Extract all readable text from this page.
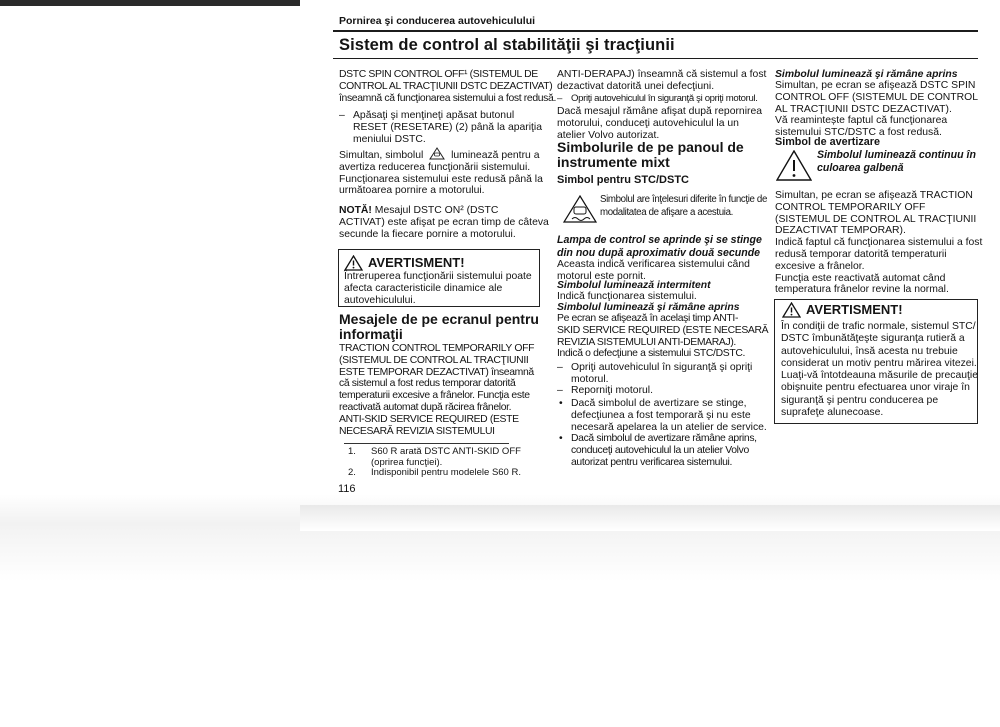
Pornirea şi conducerea autovehiculului
Sistem de control al stabilităţii şi tracţiunii
DSTC SPIN CONTROL OFF¹ (SISTEMUL DE
CONTROL AL TRACŢIUNII DSTC DEZACTIVAT)
înseamnă că funcţionarea sistemului a fost redusă.
– Apăsaţi şi menţineţi apăsat butonul
RESET (RESETARE) (2) până la apariţia
meniului DSTC.
Simultan, simbolul	luminează pentru a
avertiza reducerea funcţionării sistemului.
Funcţionarea sistemului este redusă până la
următoarea pornire a motorului.
NOTĂ! Mesajul DSTC ON² (DSTC
ACTIVAT) este afişat pe ecran timp de câteva
secunde la fiecare pornire a motorului.
AVERTISMENT!
Întreruperea funcţionării sistemului poate
afecta caracteristicile dinamice ale
autovehiculului.
Mesajele de pe ecranul pentru
informaţii
TRACTION CONTROL TEMPORARILY OFF
(SISTEMUL DE CONTROL AL TRACŢIUNII
ESTE TEMPORAR DEZACTIVAT) înseamnă
că sistemul a fost redus temporar datorită
temperaturii excesive a frânelor. Funcţia este
reactivată automat după răcirea frânelor.
ANTI-SKID SERVICE REQUIRED (ESTE
NECESARĂ REVIZIA SISTEMULUI
1. S60 R arată DSTC ANTI-SKID OFF
(oprirea funcţiei).
2. Indisponibil pentru modelele S60 R.
116
ANTI-DERAPAJ) înseamnă că sistemul a fost
dezactivat datorită unei defecţiuni.
– Opriţi autovehiculul în siguranţă şi opriţi motorul.
Dacă mesajul rămâne afişat după repornirea
motorului, conduceţi autovehiculul la un
atelier Volvo autorizat.
Simbolurile de pe panoul de
instrumente mixt
Simbol pentru STC/DSTC
Simbolul are înţelesuri diferite în funcţie de
modalitatea de afişare a acestuia.
Lampa de control se aprinde şi se stinge
din nou după aproximativ două secunde
Aceasta indică verificarea sistemului când
motorul este pornit.
Simbolul luminează intermitent
Indică funcţionarea sistemului.
Simbolul luminează şi rămâne aprins
Pe ecran se afişează în acelaşi timp ANTI-
SKID SERVICE REQUIRED (ESTE NECESARĂ
REVIZIA SISTEMULUI ANTI-DEMARAJ).
Indică o defecţiune a sistemului STC/DSTC.
– Opriţi autovehiculul în siguranţă şi opriţi
motorul.
– Reporniţi motorul.
• Dacă simbolul de avertizare se stinge,
defecţiunea a fost temporară şi nu este
necesară apelarea la un atelier de service.
• Dacă simbolul de avertizare rămâne aprins,
conduceţi autovehiculul la un atelier Volvo
autorizat pentru verificarea sistemului.
Simbolul luminează şi rămâne aprins
Simultan, pe ecran se afişează DSTC SPIN
CONTROL OFF (SISTEMUL DE CONTROL
AL TRACŢIUNII DSTC DEZACTIVAT).
Vă reamintește faptul că funcţionarea
sistemului STC/DSTC a fost redusă.
Simbol de avertizare
Simbolul luminează continuu în
culoarea galbenă
Simultan, pe ecran se afişează TRACTION
CONTROL TEMPORARILY OFF
(SISTEMUL DE CONTROL AL TRACŢIUNII
DEZACTIVAT TEMPORAR).
Indică faptul că funcţionarea sistemului a fost
redusă temporar datorită temperaturii
excesive a frânelor.
Funcţia este reactivată automat când
temperatura frânelor revine la normal.
AVERTISMENT!
În condiţii de trafic normale, sistemul STC/
DSTC îmbunătăţeşte siguranţa rutieră a
autovehiculului, însă acesta nu trebuie
considerat un motiv pentru mărirea vitezei.
Luaţi-vă întotdeauna măsurile de precauţie
obişnuite pentru efectuarea unor viraje în
siguranţă şi pentru conducerea pe
suprafeţe alunecoase.
